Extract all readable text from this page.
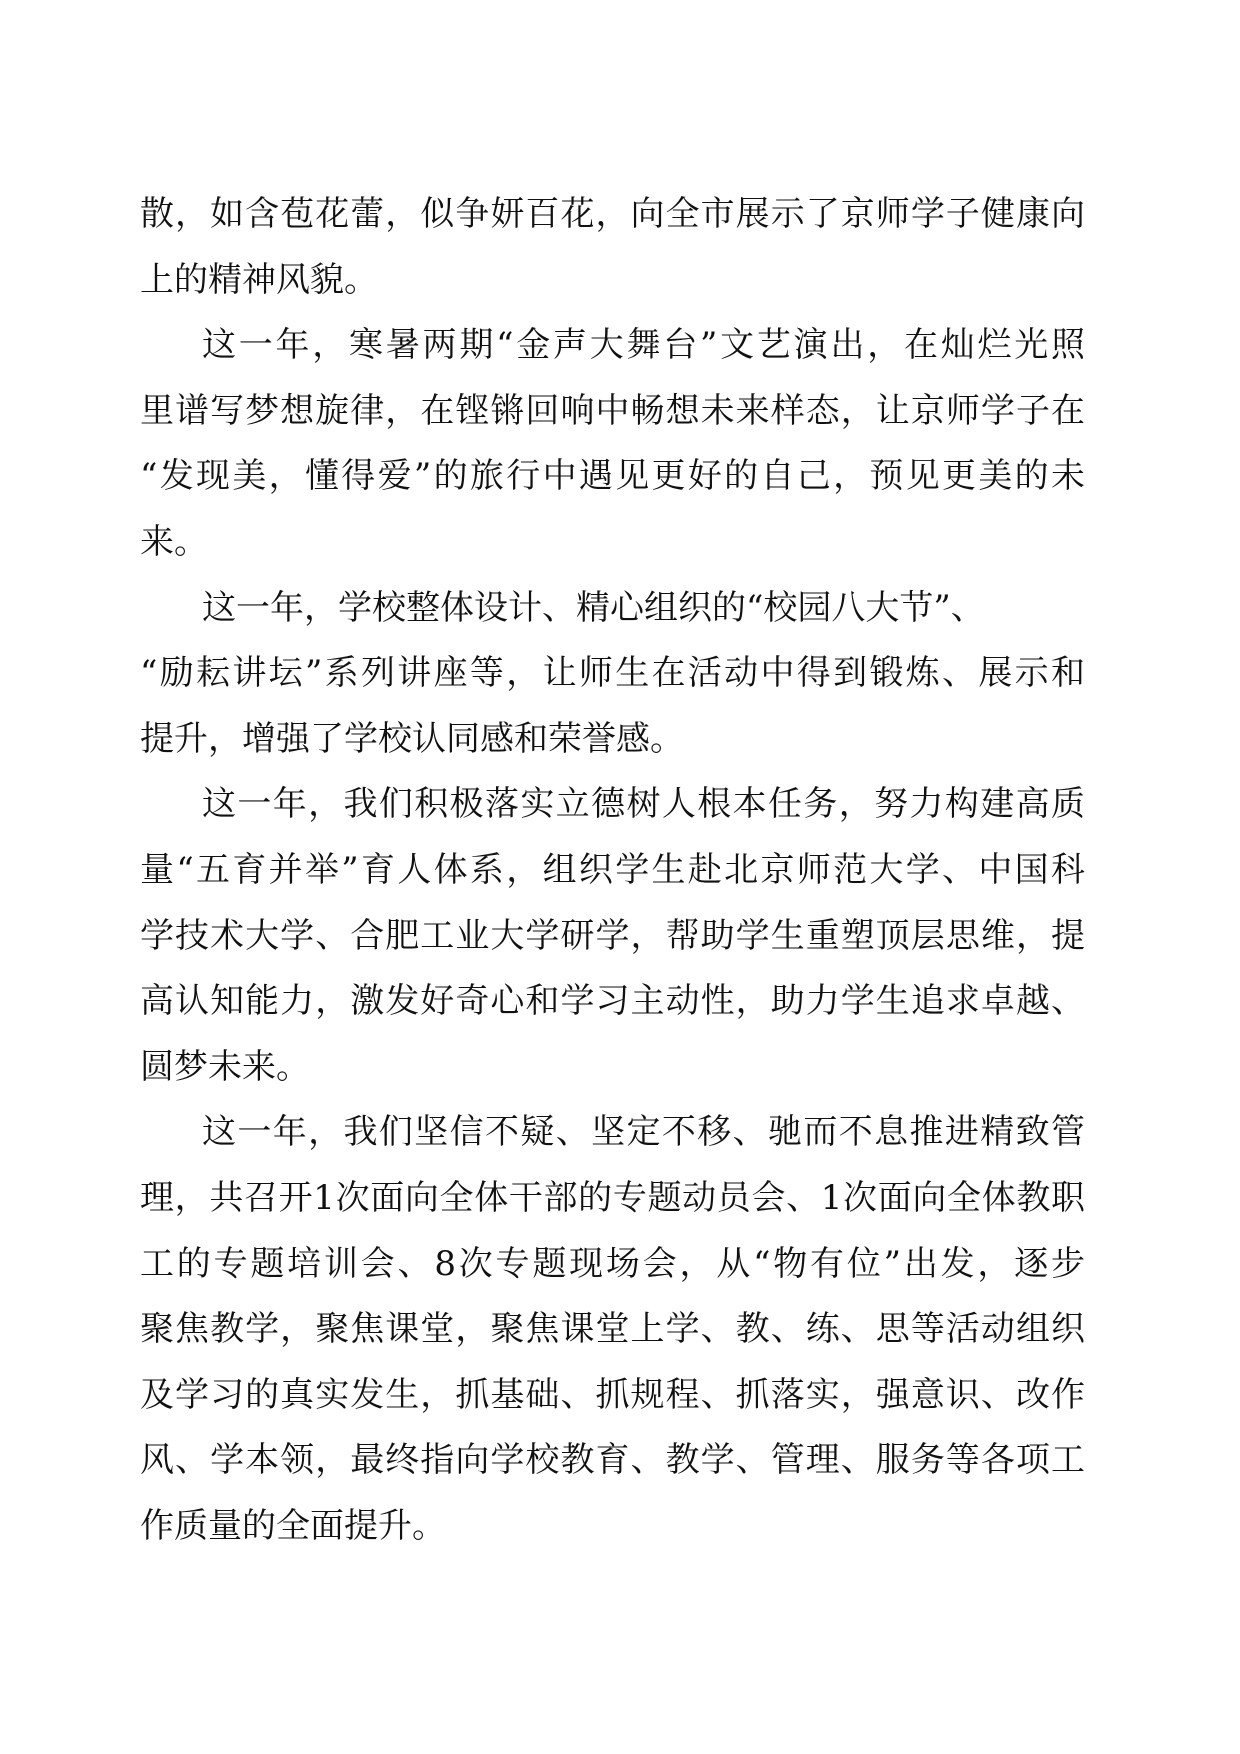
散，如含苞花蕾，似争妍百花，向全市展示了京师学子健康向
上的精神风貌。
这一年，寒暑两期“金声大舞台”文艺演出，在灿烂光照
里谱写梦想旋律，在铿锵回响中畅想未来样态，让京师学子在
“发现美，懂得爱”的旅行中遇见更好的自己，预见更美的未
来。
这一年，学校整体设计、精心组织的“校园八大节”、
“励耘讲坛”系列讲座等，让师生在活动中得到锻炼、展示和
提升，增强了学校认同感和荣誉感。
这一年，我们积极落实立德树人根本任务，努力构建高质
量“五育并举”育人体系，组织学生赴北京师范大学、中国科
学技术大学、合肥工业大学研学，帮助学生重塑顶层思维，提
高认知能力，激发好奇心和学习主动性，助力学生追求卓越、
圆梦未来。
这一年，我们坚信不疑、坚定不移、驰而不息推进精致管
理，共召开1次面向全体干部的专题动员会、1次面向全体教职
工的专题培训会、8次专题现场会，从“物有位”出发，逐步
聚焦教学，聚焦课堂，聚焦课堂上学、教、练、思等活动组织
及学习的真实发生，抓基础、抓规程、抓落实，强意识、改作
风、学本领，最终指向学校教育、教学、管理、服务等各项工
作质量的全面提升。
